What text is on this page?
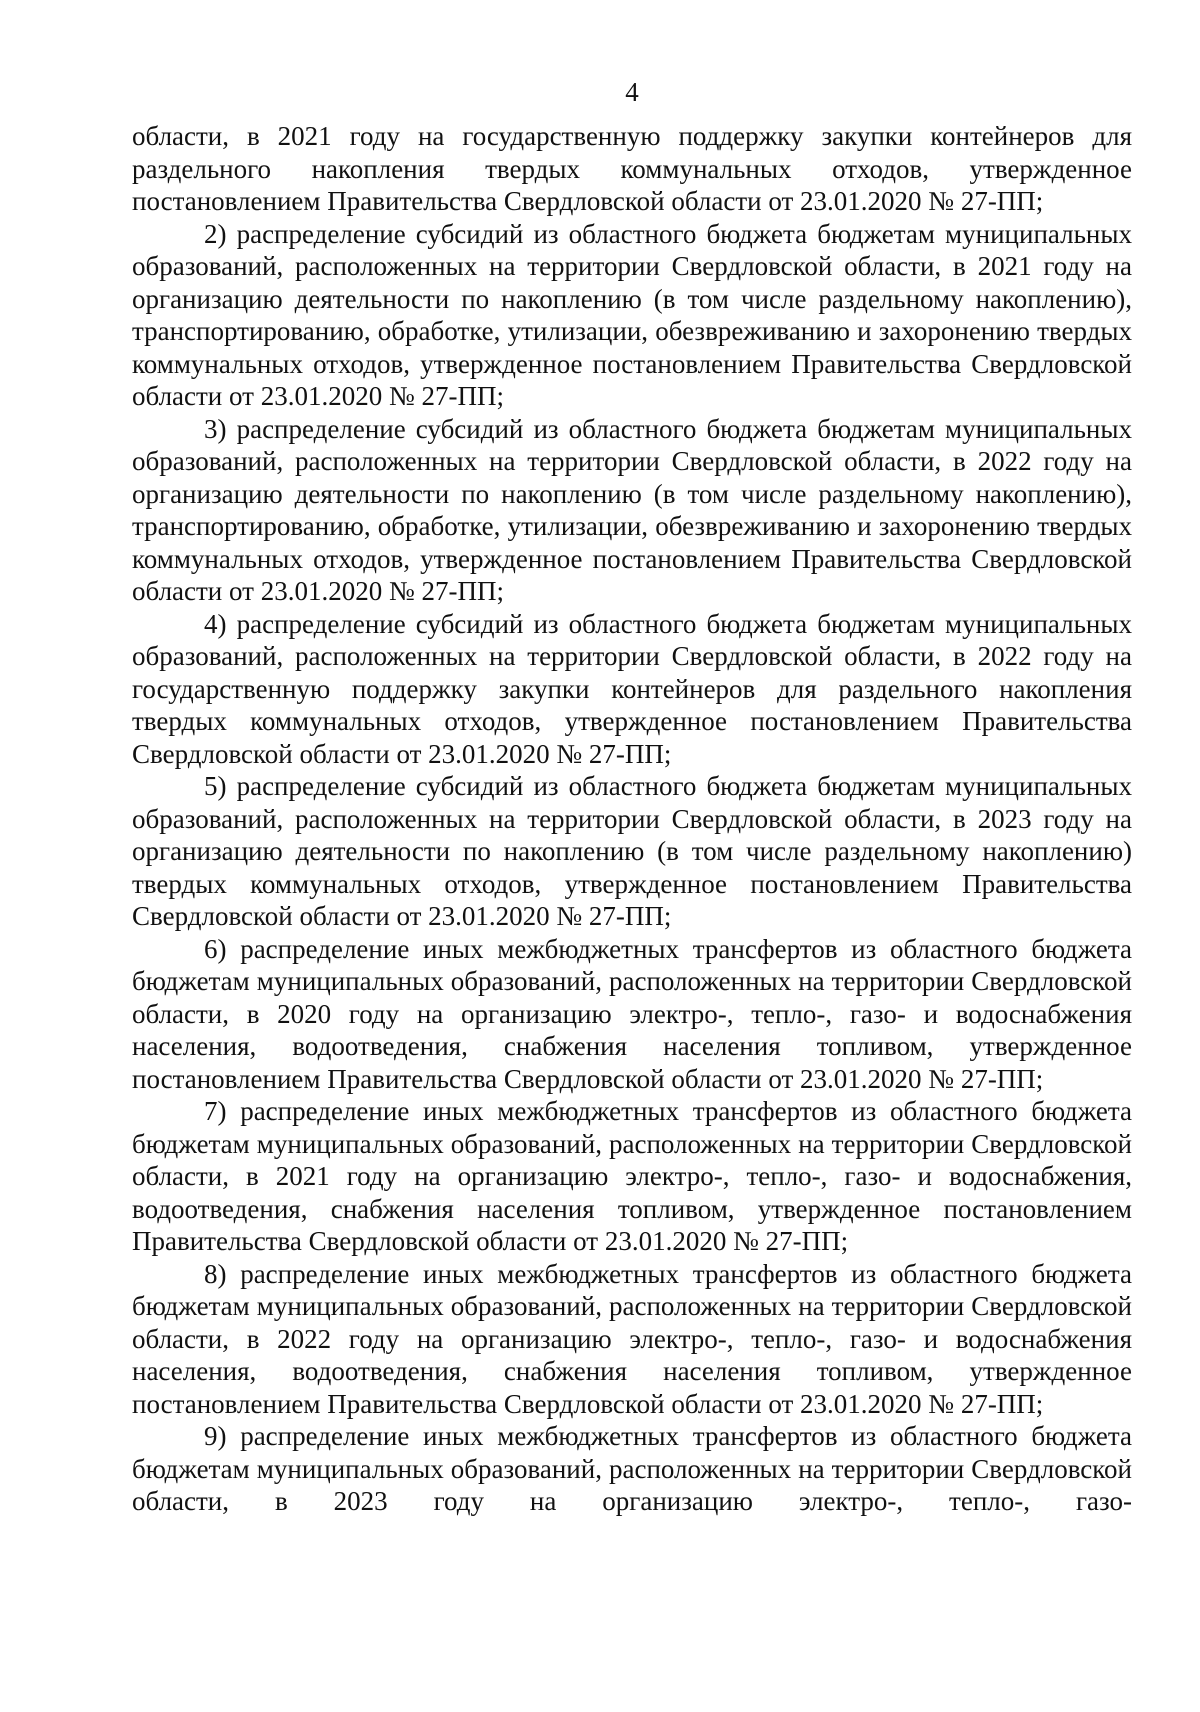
4

области, в 2021 году на государственную поддержку закупки контейнеров для раздельного накопления твердых коммунальных отходов, утвержденное постановлением Правительства Свердловской области от 23.01.2020 № 27-ПП;

2) распределение субсидий из областного бюджета бюджетам муниципальных образований, расположенных на территории Свердловской области, в 2021 году на организацию деятельности по накоплению (в том числе раздельному накоплению), транспортированию, обработке, утилизации, обезвреживанию и захоронению твердых коммунальных отходов, утвержденное постановлением Правительства Свердловской области от 23.01.2020 № 27-ПП;

3) распределение субсидий из областного бюджета бюджетам муниципальных образований, расположенных на территории Свердловской области, в 2022 году на организацию деятельности по накоплению (в том числе раздельному накоплению), транспортированию, обработке, утилизации, обезвреживанию и захоронению твердых коммунальных отходов, утвержденное постановлением Правительства Свердловской области от 23.01.2020 № 27-ПП;

4) распределение субсидий из областного бюджета бюджетам муниципальных образований, расположенных на территории Свердловской области, в 2022 году на государственную поддержку закупки контейнеров для раздельного накопления твердых коммунальных отходов, утвержденное постановлением Правительства Свердловской области от 23.01.2020 № 27-ПП;

5) распределение субсидий из областного бюджета бюджетам муниципальных образований, расположенных на территории Свердловской области, в 2023 году на организацию деятельности по накоплению (в том числе раздельному накоплению) твердых коммунальных отходов, утвержденное постановлением Правительства Свердловской области от 23.01.2020 № 27-ПП;

6) распределение иных межбюджетных трансфертов из областного бюджета бюджетам муниципальных образований, расположенных на территории Свердловской области, в 2020 году на организацию электро-, тепло-, газо- и водоснабжения населения, водоотведения, снабжения населения топливом, утвержденное постановлением Правительства Свердловской области от 23.01.2020 № 27-ПП;

7) распределение иных межбюджетных трансфертов из областного бюджета бюджетам муниципальных образований, расположенных на территории Свердловской области, в 2021 году на организацию электро-, тепло-, газо- и водоснабжения, водоотведения, снабжения населения топливом, утвержденное постановлением Правительства Свердловской области от 23.01.2020 № 27-ПП;

8) распределение иных межбюджетных трансфертов из областного бюджета бюджетам муниципальных образований, расположенных на территории Свердловской области, в 2022 году на организацию электро-, тепло-, газо- и водоснабжения населения, водоотведения, снабжения населения топливом, утвержденное постановлением Правительства Свердловской области от 23.01.2020 № 27-ПП;

9) распределение иных межбюджетных трансфертов из областного бюджета бюджетам муниципальных образований, расположенных на территории Свердловской области, в 2023 году на организацию электро-, тепло-, газо-
